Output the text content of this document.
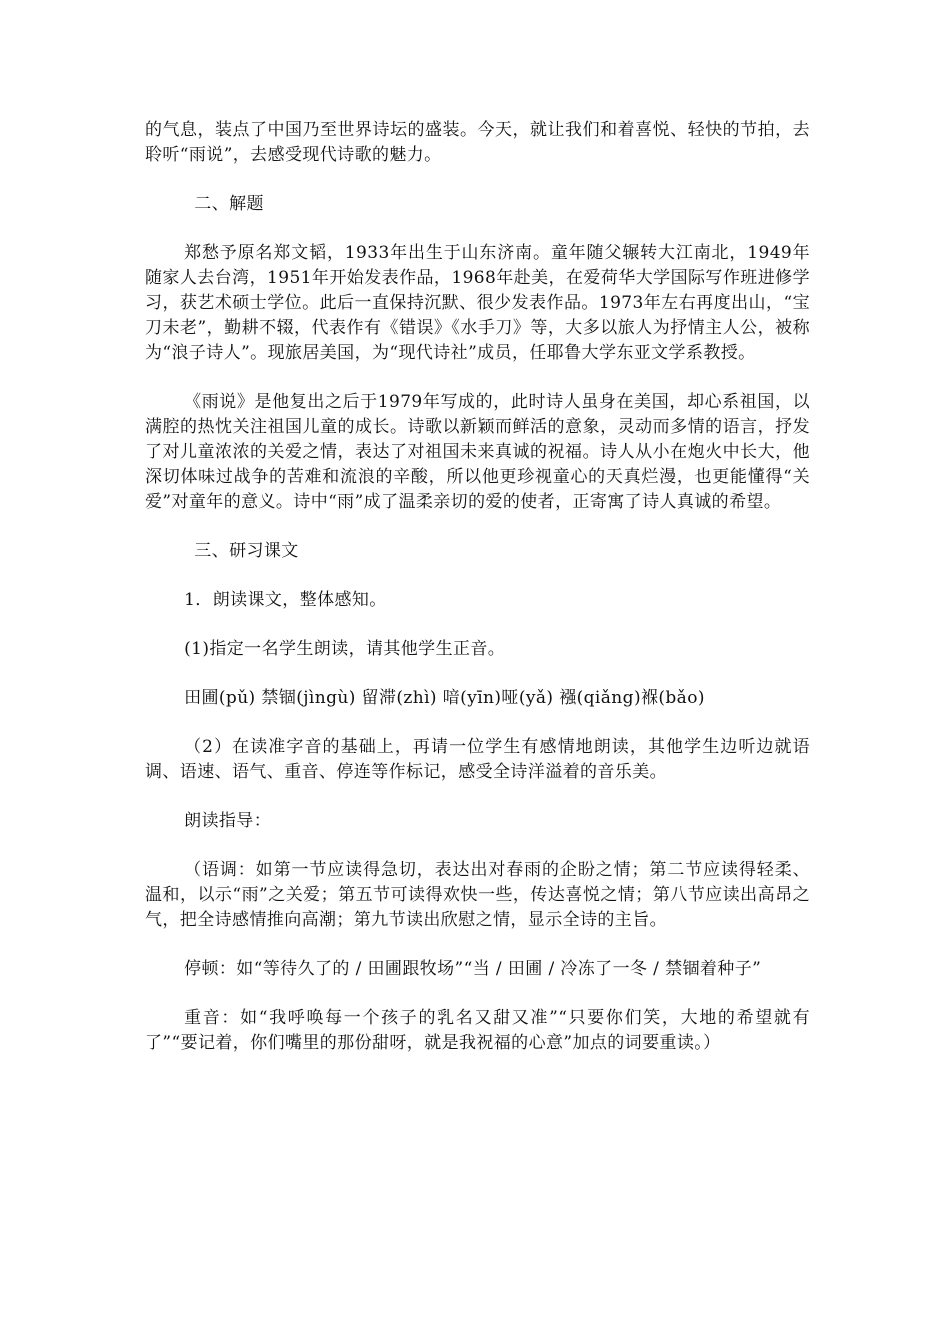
的气息，装点了中国乃至世界诗坛的盛装。今天，就让我们和着喜悦、轻快的节拍，去聆听“雨说”，去感受现代诗歌的魅力。

二、解题

郑愁予原名郑文韬，1933年出生于山东济南。童年随父辗转大江南北，1949年随家人去台湾，1951年开始发表作品，1968年赴美，在爱荷华大学国际写作班进修学习，获艺术硕士学位。此后一直保持沉默、很少发表作品。1973年左右再度出山，“宝刀未老”，勤耕不辍，代表作有《错误》《水手刀》等，大多以旅人为抒情主人公，被称为“浪子诗人”。现旅居美国，为“现代诗社”成员，任耶鲁大学东亚文学系教授。

《雨说》是他复出之后于1979年写成的，此时诗人虽身在美国，却心系祖国，以满腔的热忱关注祖国儿童的成长。诗歌以新颖而鲜活的意象，灵动而多情的语言，抒发了对儿童浓浓的关爱之情，表达了对祖国未来真诚的祝福。诗人从小在炮火中长大，他深切体味过战争的苦难和流浪的辛酸，所以他更珍视童心的天真烂漫，也更能懂得“关爱”对童年的意义。诗中“雨”成了温柔亲切的爱的使者，正寄寓了诗人真诚的希望。

三、研习课文

1．朗读课文，整体感知。

(1)指定一名学生朗读，请其他学生正音。

田圃(pǔ) 禁锢(jìngù) 留滞(zhì) 喑(yīn)哑(yǎ) 襁(qiǎng)褓(bǎo)

（2）在读准字音的基础上，再请一位学生有感情地朗读，其他学生边听边就语调、语速、语气、重音、停连等作标记，感受全诗洋溢着的音乐美。

朗读指导：

（语调：如第一节应读得急切，表达出对春雨的企盼之情；第二节应读得轻柔、温和，以示“雨”之关爱；第五节可读得欢快一些，传达喜悦之情；第八节应读出高昂之气，把全诗感情推向高潮；第九节读出欣慰之情，显示全诗的主旨。

停顿：如“等待久了的 / 田圃跟牧场”“当 / 田圃 / 冷冻了一冬 / 禁锢着种子”

重音：如“我呼唤每一个孩子的乳名又甜又准”“只要你们笑，大地的希望就有了”“要记着，你们嘴里的那份甜呀，就是我祝福的心意”加点的词要重读。）
